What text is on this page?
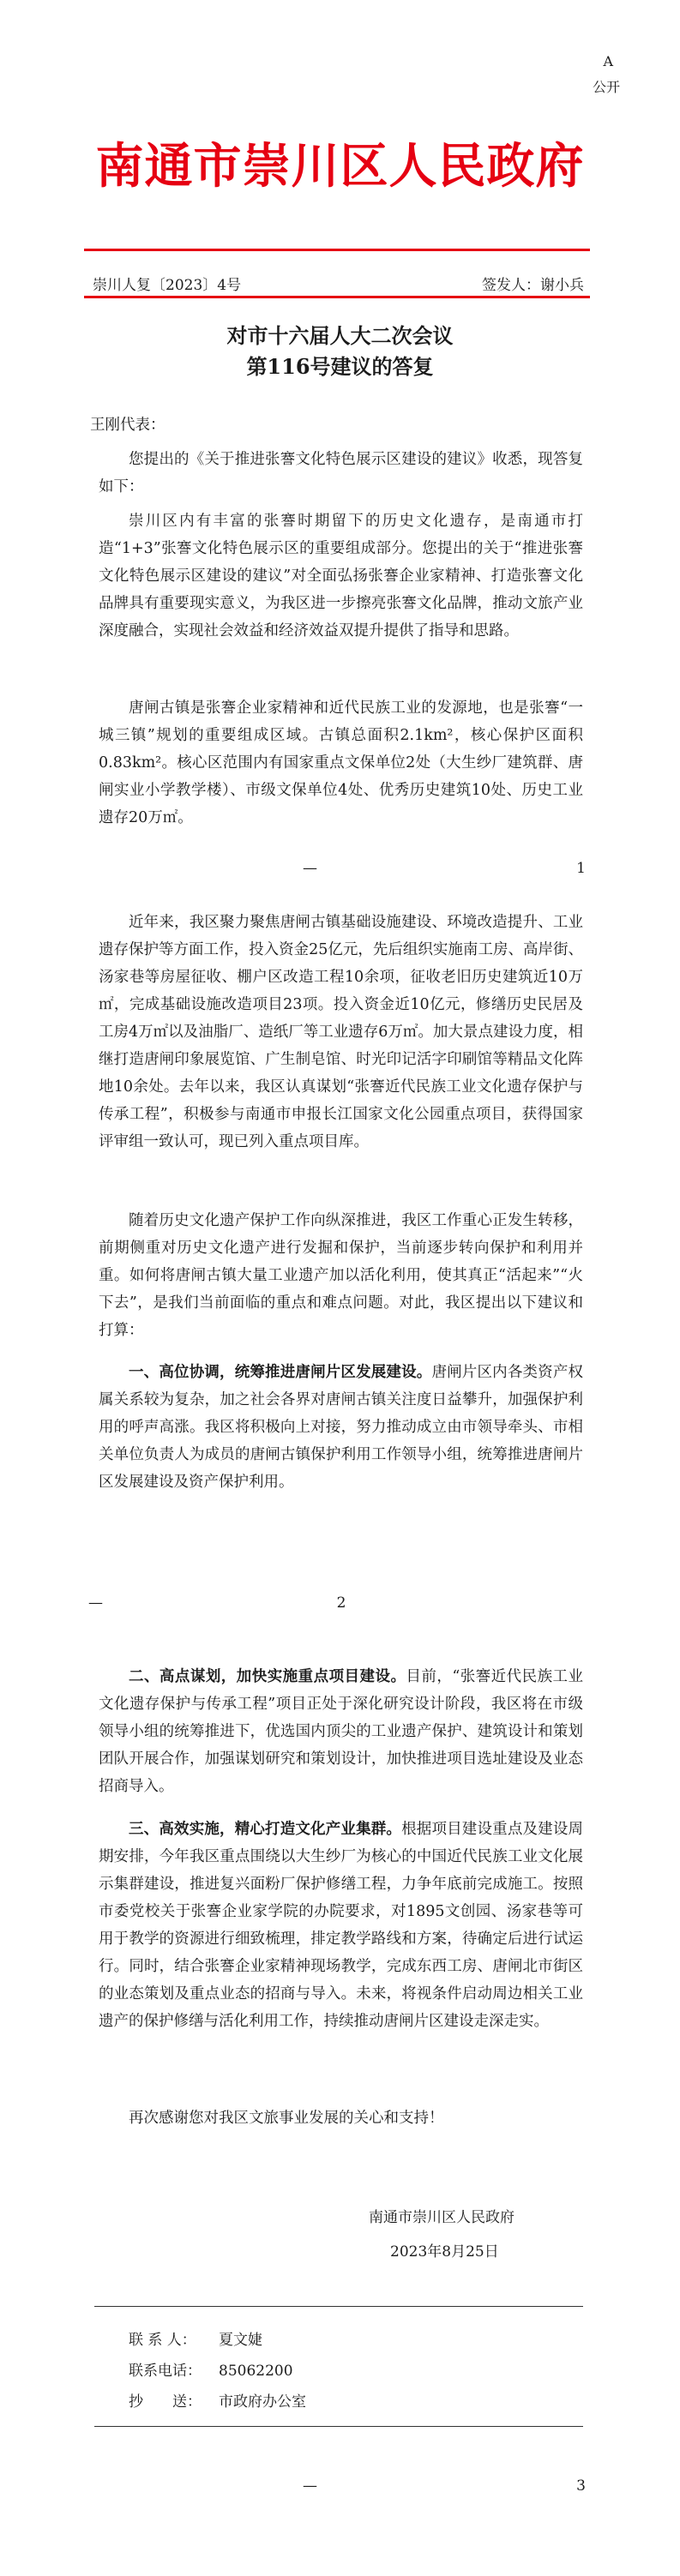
A
公开
南通市崇川区人民政府
崇川人复〔2023〕4号	签发人：谢小兵
对市十六届人大二次会议
第116号建议的答复

王刚代表：

您提出的《关于推进张謇文化特色展示区建设的建议》收悉，现答复如下：

崇川区内有丰富的张謇时期留下的历史文化遗存，是南通市打造“1+3”张謇文化特色展示区的重要组成部分。您提出的关于“推进张謇文化特色展示区建设的建议”对全面弘扬张謇企业家精神、打造张謇文化品牌具有重要现实意义，为我区进一步擦亮张謇文化品牌，推动文旅产业深度融合，实现社会效益和经济效益双提升提供了指导和思路。

唐闸古镇是张謇企业家精神和近代民族工业的发源地，也是张謇“一城三镇”规划的重要组成区域。古镇总面积2.1km²，核心保护区面积0.83km²。核心区范围内有国家重点文保单位2处（大生纱厂建筑群、唐闸实业小学教学楼）、市级文保单位4处、优秀历史建筑10处、历史工业遗存20万㎡。

—	1

近年来，我区聚力聚焦唐闸古镇基础设施建设、环境改造提升、工业遗存保护等方面工作，投入资金25亿元，先后组织实施南工房、高岸街、汤家巷等房屋征收、棚户区改造工程10余项，征收老旧历史建筑近10万㎡，完成基础设施改造项目23项。投入资金近10亿元，修缮历史民居及工房4万㎡以及油脂厂、造纸厂等工业遗存6万㎡。加大景点建设力度，相继打造唐闸印象展览馆、广生制皂馆、时光印记活字印刷馆等精品文化阵地10余处。去年以来，我区认真谋划“张謇近代民族工业文化遗存保护与传承工程”，积极参与南通市申报长江国家文化公园重点项目，获得国家评审组一致认可，现已列入重点项目库。

随着历史文化遗产保护工作向纵深推进，我区工作重心正发生转移，前期侧重对历史文化遗产进行发掘和保护，当前逐步转向保护和利用并重。如何将唐闸古镇大量工业遗产加以活化利用，使其真正“活起来”“火下去”，是我们当前面临的重点和难点问题。对此，我区提出以下建议和打算：

一、高位协调，统筹推进唐闸片区发展建设。唐闸片区内各类资产权属关系较为复杂，加之社会各界对唐闸古镇关注度日益攀升，加强保护利用的呼声高涨。我区将积极向上对接，努力推动成立由市领导牵头、市相关单位负责人为成员的唐闸古镇保护利用工作领导小组，统筹推进唐闸片区发展建设及资产保护利用。

—	2

二、高点谋划，加快实施重点项目建设。目前，“张謇近代民族工业文化遗存保护与传承工程”项目正处于深化研究设计阶段，我区将在市级领导小组的统筹推进下，优选国内顶尖的工业遗产保护、建筑设计和策划团队开展合作，加强谋划研究和策划设计，加快推进项目选址建设及业态招商导入。

三、高效实施，精心打造文化产业集群。根据项目建设重点及建设周期安排，今年我区重点围绕以大生纱厂为核心的中国近代民族工业文化展示集群建设，推进复兴面粉厂保护修缮工程，力争年底前完成施工。按照市委党校关于张謇企业家学院的办院要求，对1895文创园、汤家巷等可用于教学的资源进行细致梳理，排定教学路线和方案，待确定后进行试运行。同时，结合张謇企业家精神现场教学，完成东西工房、唐闸北市街区的业态策划及重点业态的招商与导入。未来，将视条件启动周边相关工业遗产的保护修缮与活化利用工作，持续推动唐闸片区建设走深走实。

再次感谢您对我区文旅事业发展的关心和支持！

南通市崇川区人民政府
2023年8月25日
联 系 人： 夏文婕
联系电话： 85062200
抄　　送： 市政府办公室
—	3
